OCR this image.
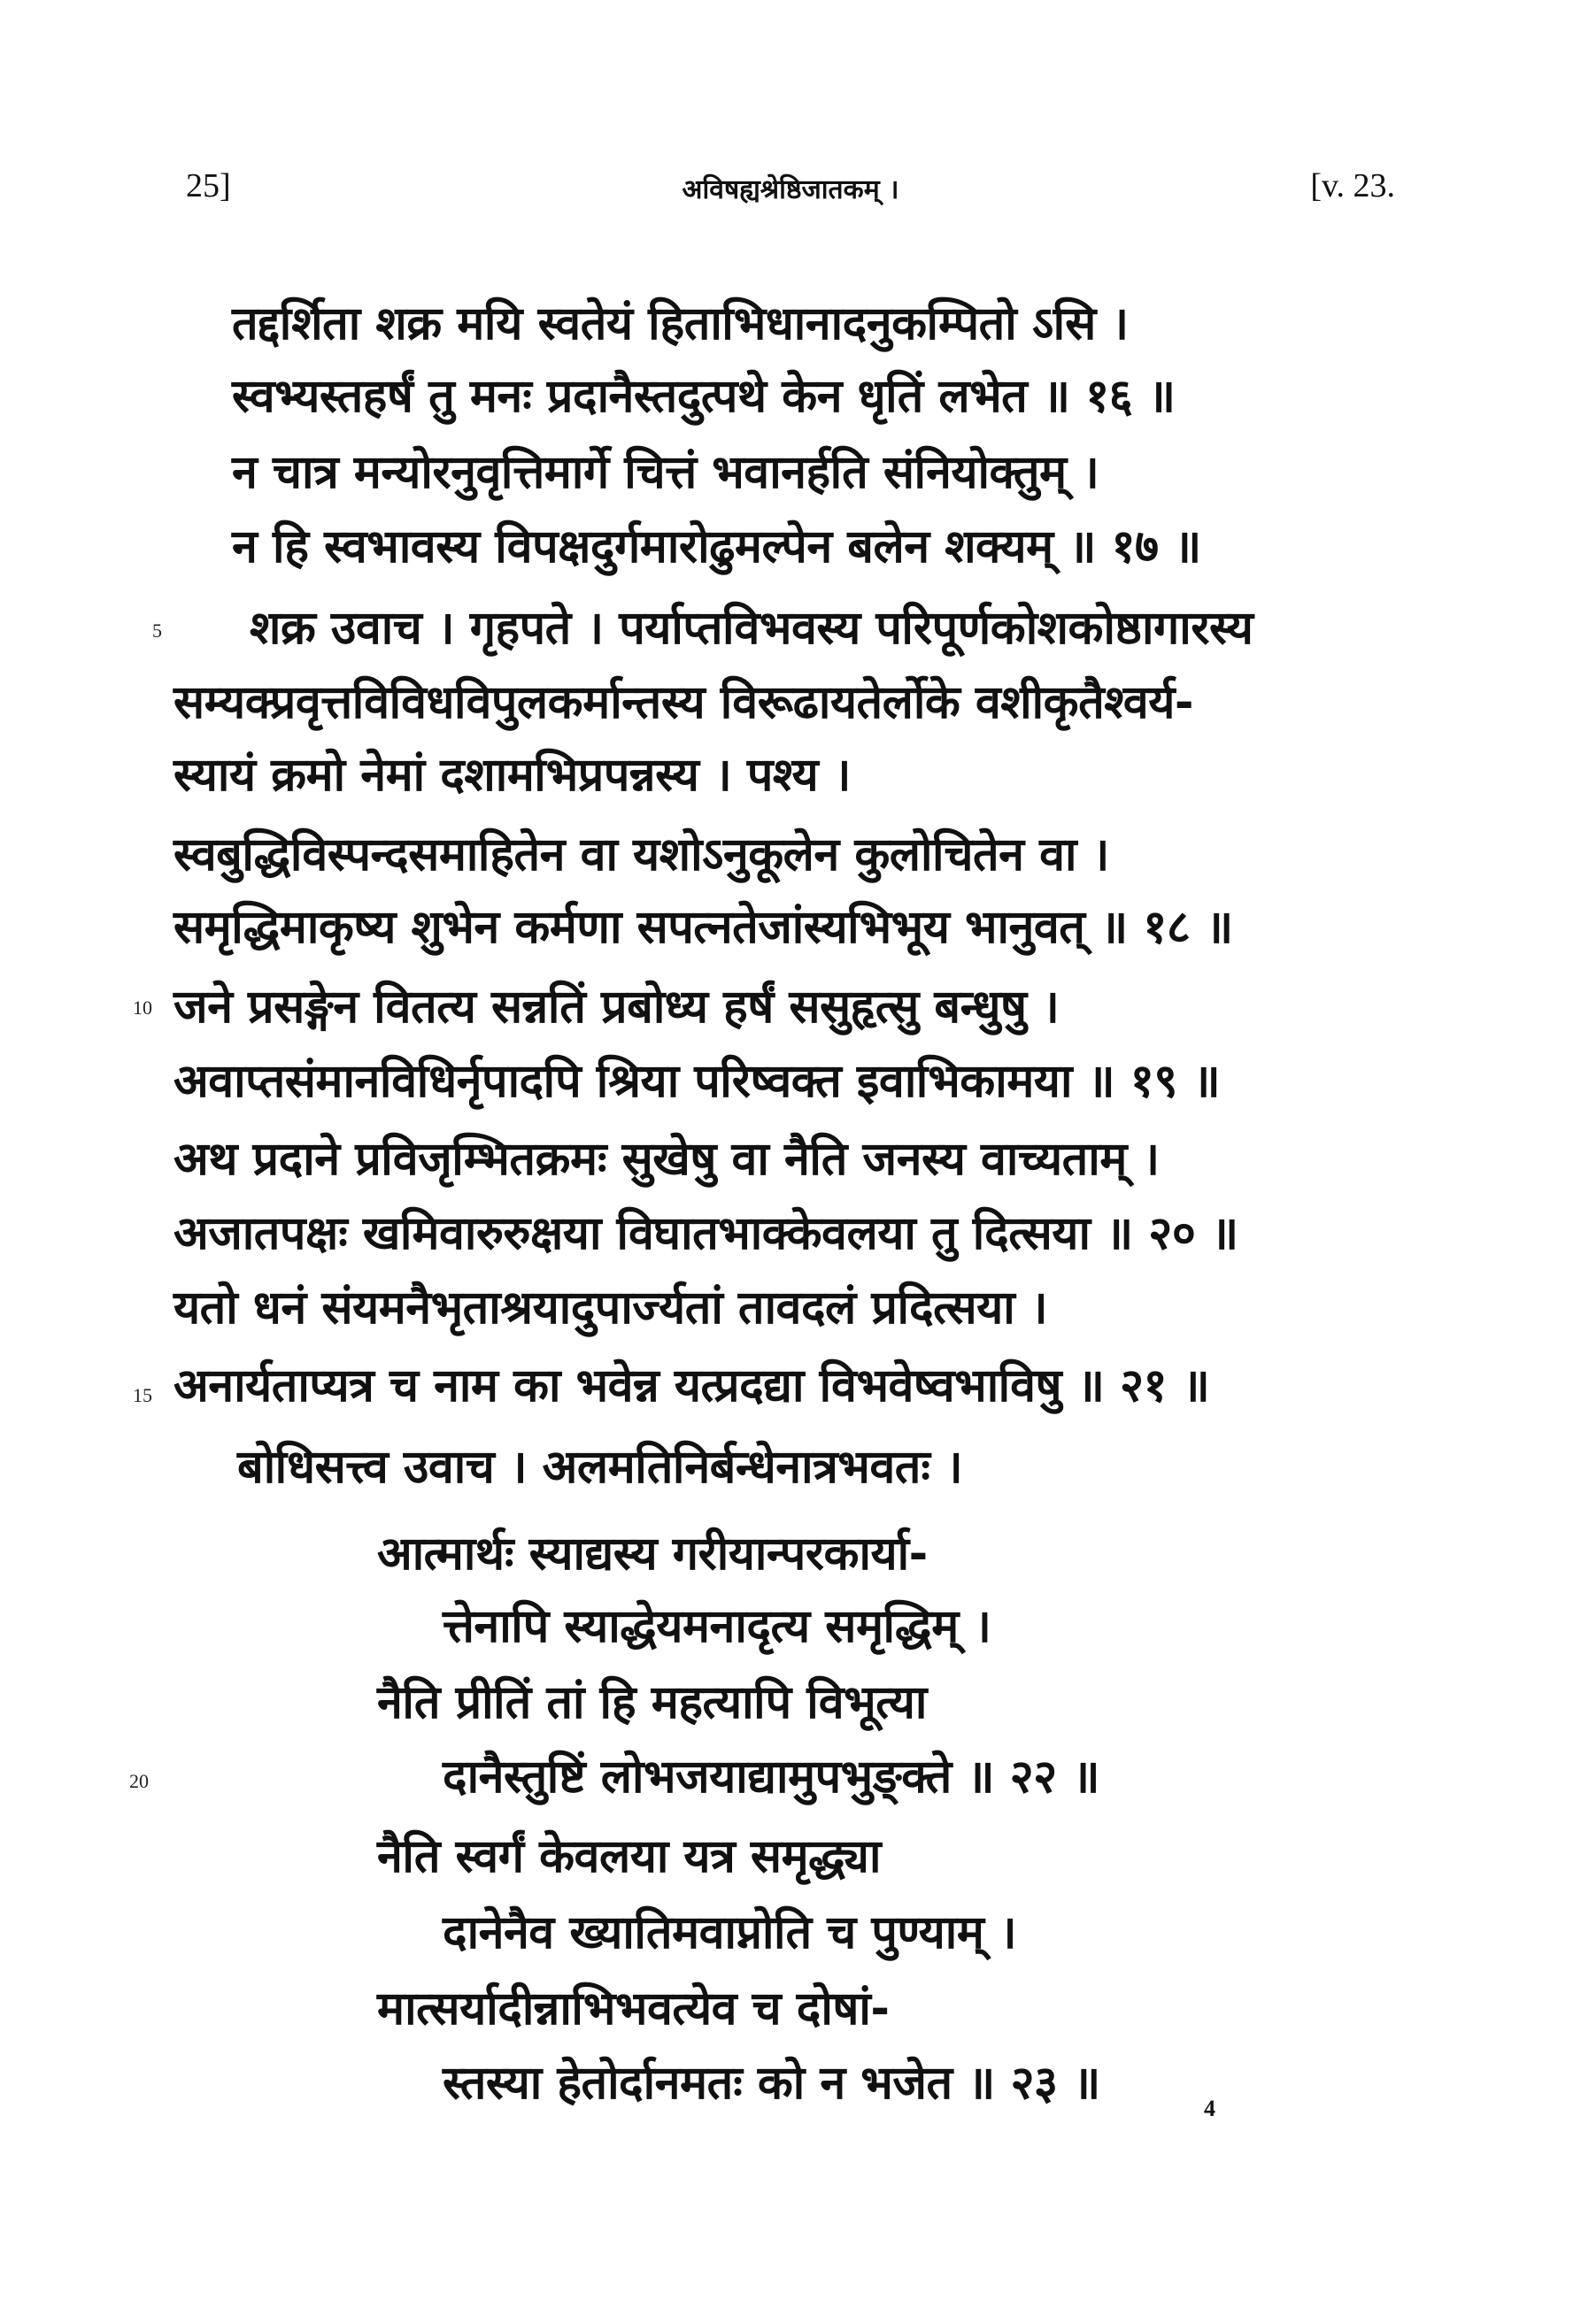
25]	अविषह्यश्रेष्ठिजातकम् ।	[v. 23.
तद्दर्शिता शक्र मयि स्वतेयं हिताभिधानादनुकम्पितो ऽसि ।
स्वभ्यस्तहर्षं तु मनः प्रदानैस्तदुत्पथे केन धृतिं लभेत ॥ १६ ॥
न चात्र मन्योरनुवृत्तिमार्गे चित्तं भवानर्हति संनियोक्तुम् ।
न हि स्वभावस्य विपक्षदुर्गमारोढुमल्पेन बलेन शक्यम् ॥ १७ ॥
5 शक्र उवाच । गृहपते । पर्याप्तविभवस्य परिपूर्णकोशकोष्ठागारस्य
सम्यक्प्रवृत्तविविधविपुलकर्मान्तस्य विरूढायतेर्लोके वशीकृतैश्वर्य-
स्यायं क्रमो नेमां दशामभिप्रपन्नस्य । पश्य ।
स्वबुद्धिविस्पन्दसमाहितेन वा यशोऽनुकूलेन कुलोचितेन वा ।
समृद्धिमाकृष्य शुभेन कर्मणा सपत्नतेजांस्यभिभूय भानुवत् ॥ १८ ॥
10 जने प्रसङ्गेन वितत्य सन्नतिं प्रबोध्य हर्षं ससुहृत्सु बन्धुषु ।
अवाप्तसंमानविधिर्नृपादपि श्रिया परिष्वक्त इवाभिकामया ॥ १९ ॥
अथ प्रदाने प्रविजृम्भितक्रमः सुखेषु वा नैति जनस्य वाच्यताम् ।
अजातपक्षः खमिवारुरुक्षया विघातभाक्केवलया तु दित्सया ॥ २० ॥
यतो धनं संयमनैभृताश्रयादुपार्ज्यतां तावदलं प्रदित्सया ।
15 अनार्यताप्यत्र च नाम का भवेन्न यत्प्रदद्या विभवेष्वभाविषु ॥ २१ ॥
बोधिसत्त्व उवाच । अलमतिनिर्बन्धेनात्रभवतः ।
आत्मार्थः स्याद्यस्य गरीयान्परकार्या-
त्तेनापि स्याद्धेयमनादृत्य समृद्धिम् ।
नैति प्रीतिं तां हि महत्यापि विभूत्या
20	दानैस्तुष्टिं लोभजयाद्यामुपभुङ्क्ते ॥ २२ ॥
नैति स्वर्गं केवलया यत्र समृद्ध्या
दानेनैव ख्यातिमवाप्नोति च पुण्याम् ।
मात्सर्यादीन्नाभिभवत्येव च दोषां-
स्तस्या हेतोर्दानमतः को न भजेत ॥ २३ ॥	4
